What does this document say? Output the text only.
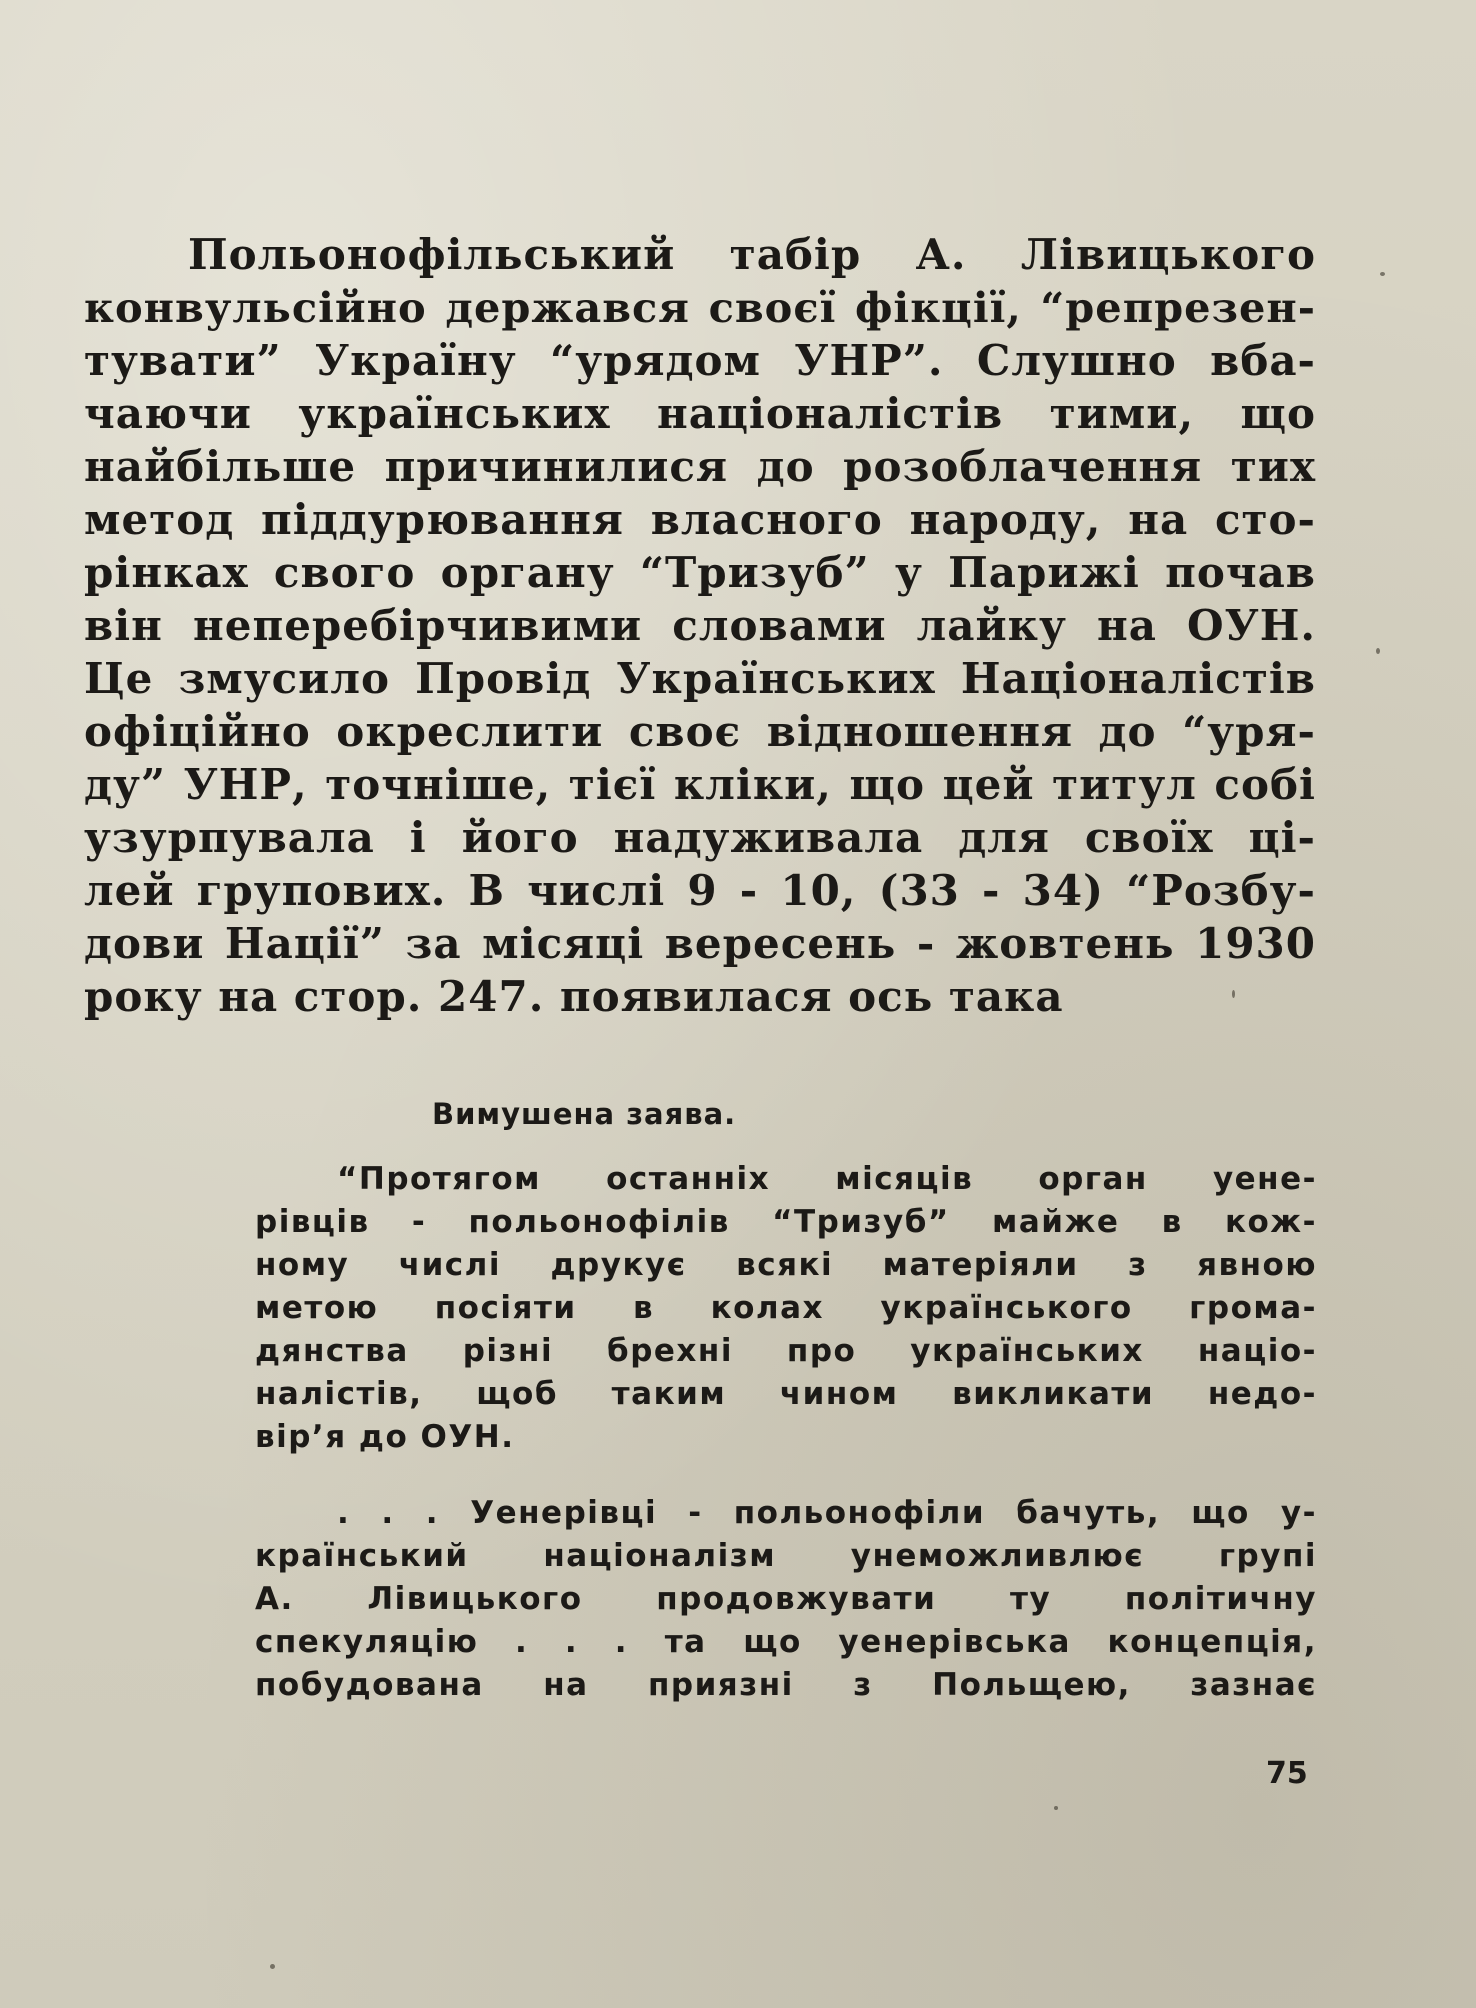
Польонофільський табір А. Лівицького
конвульсійно держався своєї фікції, “репрезен-
тувати” Україну “урядом УНР”. Слушно вба-
чаючи українських націоналістів тими, що
найбільше причинилися до розоблачення тих
метод піддурювання власного народу, на сто-
рінках свого органу “Тризуб” у Парижі почав
він неперебірчивими словами лайку на ОУН.
Це змусило Провід Українських Націоналістів
офіційно окреслити своє відношення до “уря-
ду” УНР, точніше, тієї кліки, що цей титул собі
узурпувала і його надуживала для своїх ці-
лей групових. В числі 9 - 10, (33 - 34) “Розбу-
дови Нації” за місяці вересень - жовтень 1930
року на стор. 247. появилася ось така
Вимушена заява.
“Протягом останніх місяців орган уене-
рівців - польонофілів “Тризуб” майже в кож-
ному числі друкує всякі матеріяли з явною
метою посіяти в колах українського грома-
дянства різні брехні про українських націо-
налістів, щоб таким чином викликати недо-
вір’я до ОУН.
. . . Уенерівці - польонофіли бачуть, що у-
країнський націоналізм унеможливлює групі
А. Лівицького продовжувати ту політичну
спекуляцію . . . та що уенерівська концепція,
побудована на приязні з Польщею, зазнає
75
